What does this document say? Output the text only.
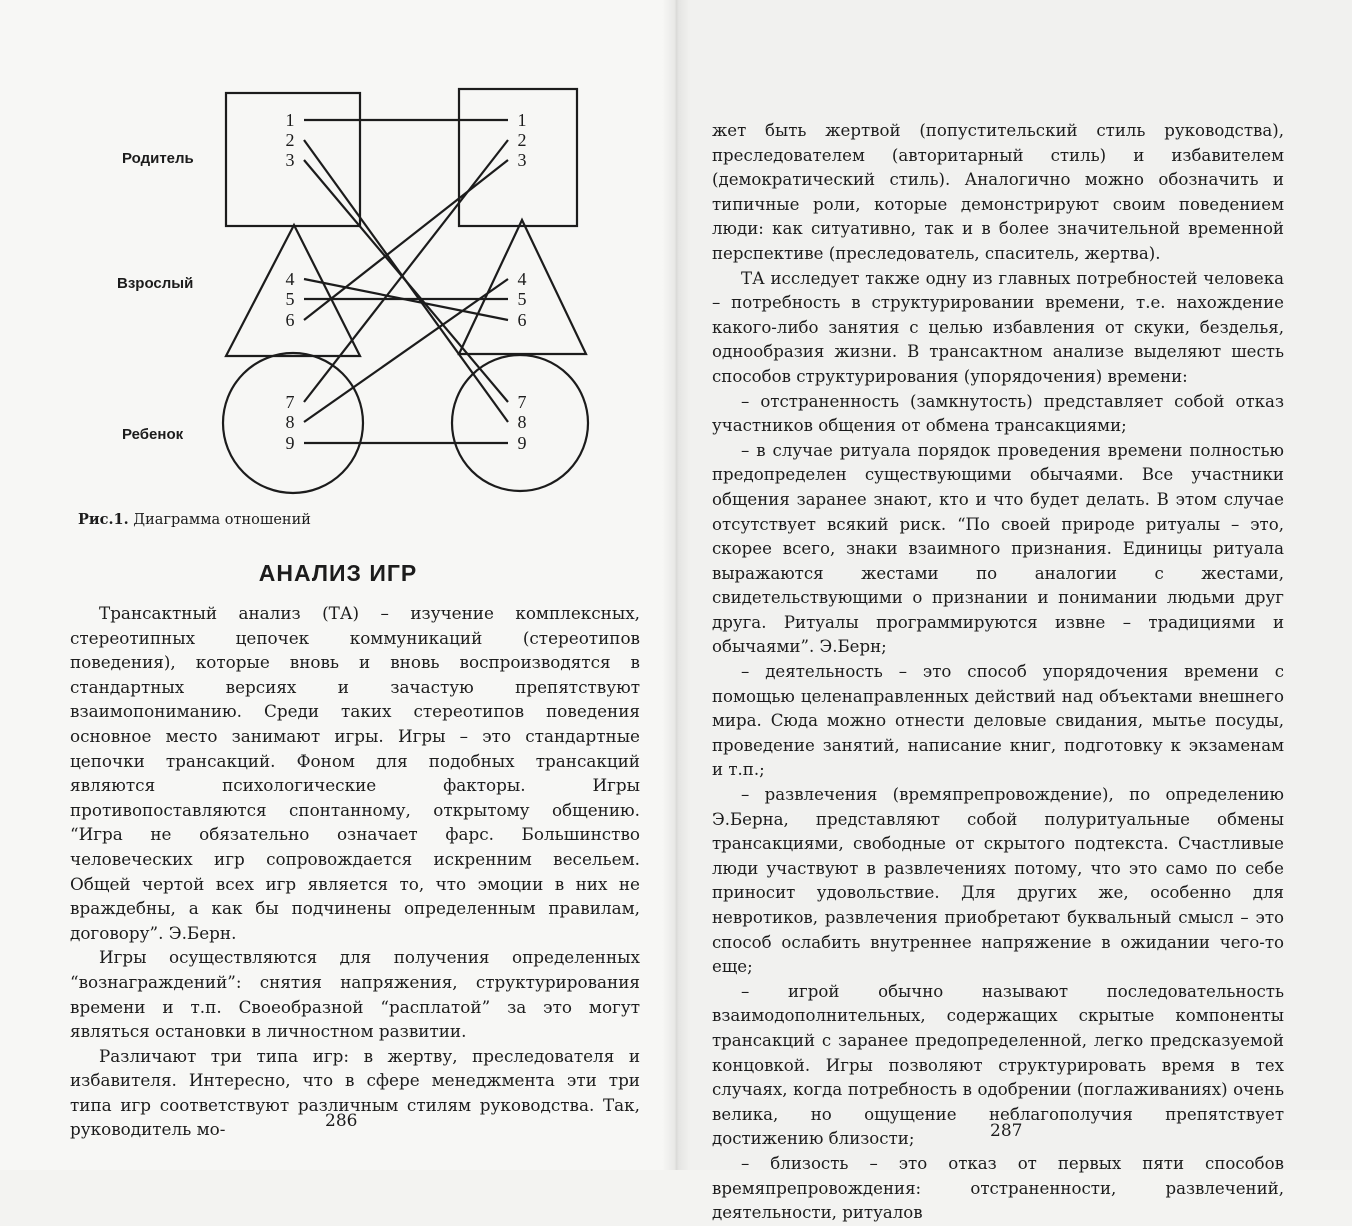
Родитель
Взрослый
Ребенок
1
2
3
4
5
6
7
8
9
1
2
3
4
5
6
7
8
9
Рис.1. Диаграмма отношений
АНАЛИЗ ИГР

Трансактный анализ (ТА) – изучение комплексных, стереотипных цепочек коммуникаций (стереотипов поведения), которые вновь и вновь воспроизводятся в стандартных версиях и зачастую препятствуют взаимопониманию. Среди таких стереотипов поведения основное место занимают игры. Игры – это стандартные цепочки трансакций. Фоном для подобных трансакций являются психологические факторы. Игры противопоставляются спонтанному, открытому общению. “Игра не обязательно означает фарс. Большинство человеческих игр сопровождается искренним весельем. Общей чертой всех игр является то, что эмоции в них не враждебны, а как бы подчинены определенным правилам, договору”. Э.Берн.

Игры осуществляются для получения определенных “вознаграждений”: снятия напряжения, структурирования времени и т.п. Своеобразной “расплатой” за это могут являться остановки в личностном развитии.

Различают три типа игр: в жертву, преследователя и избавителя. Интересно, что в сфере менеджмента эти три типа игр соответствуют различным стилям руководства. Так, руководитель мо-	286

жет быть жертвой (попустительский стиль руководства), преследователем (авторитарный стиль) и избавителем (демократический стиль). Аналогично можно обозначить и типичные роли, которые демонстрируют своим поведением люди: как ситуативно, так и в более значительной временной перспективе (преследователь, спаситель, жертва).

ТА исследует также одну из главных потребностей человека – потребность в структурировании времени, т.е. нахождение какого-либо занятия с целью избавления от скуки, безделья, однообразия жизни. В трансактном анализе выделяют шесть способов структурирования (упорядочения) времени:

– отстраненность (замкнутость) представляет собой отказ участников общения от обмена трансакциями;

– в случае ритуала порядок проведения времени полностью предопределен существующими обычаями. Все участники общения заранее знают, кто и что будет делать. В этом случае отсутствует всякий риск. “По своей природе ритуалы – это, скорее всего, знаки взаимного признания. Единицы ритуала выражаются жестами по аналогии с жестами, свидетельствующими о признании и понимании людьми друг друга. Ритуалы программируются извне – традициями и обычаями”. Э.Берн;

– деятельность – это способ упорядочения времени с помощью целенаправленных действий над объектами внешнего мира. Сюда можно отнести деловые свидания, мытье посуды, проведение занятий, написание книг, подготовку к экзаменам и т.п.;

– развлечения (времяпрепровождение), по определению Э.Берна, представляют собой полуритуальные обмены трансакциями, свободные от скрытого подтекста. Счастливые люди участвуют в развлечениях потому, что это само по себе приносит удовольствие. Для других же, особенно для невротиков, развлечения приобретают буквальный смысл – это способ ослабить внутреннее напряжение в ожидании чего-то еще;

– игрой обычно называют последовательность взаимодополнительных, содержащих скрытые компоненты трансакций с заранее предопределенной, легко предсказуемой концовкой. Игры позволяют структурировать время в тех случаях, когда потребность в одобрении (поглаживаниях) очень велика, но ощущение неблагополучия препятствует достижению близости;

– близость – это отказ от первых пяти способов времяпрепровождения: отстраненности, развлечений, деятельности, ритуалов

287
